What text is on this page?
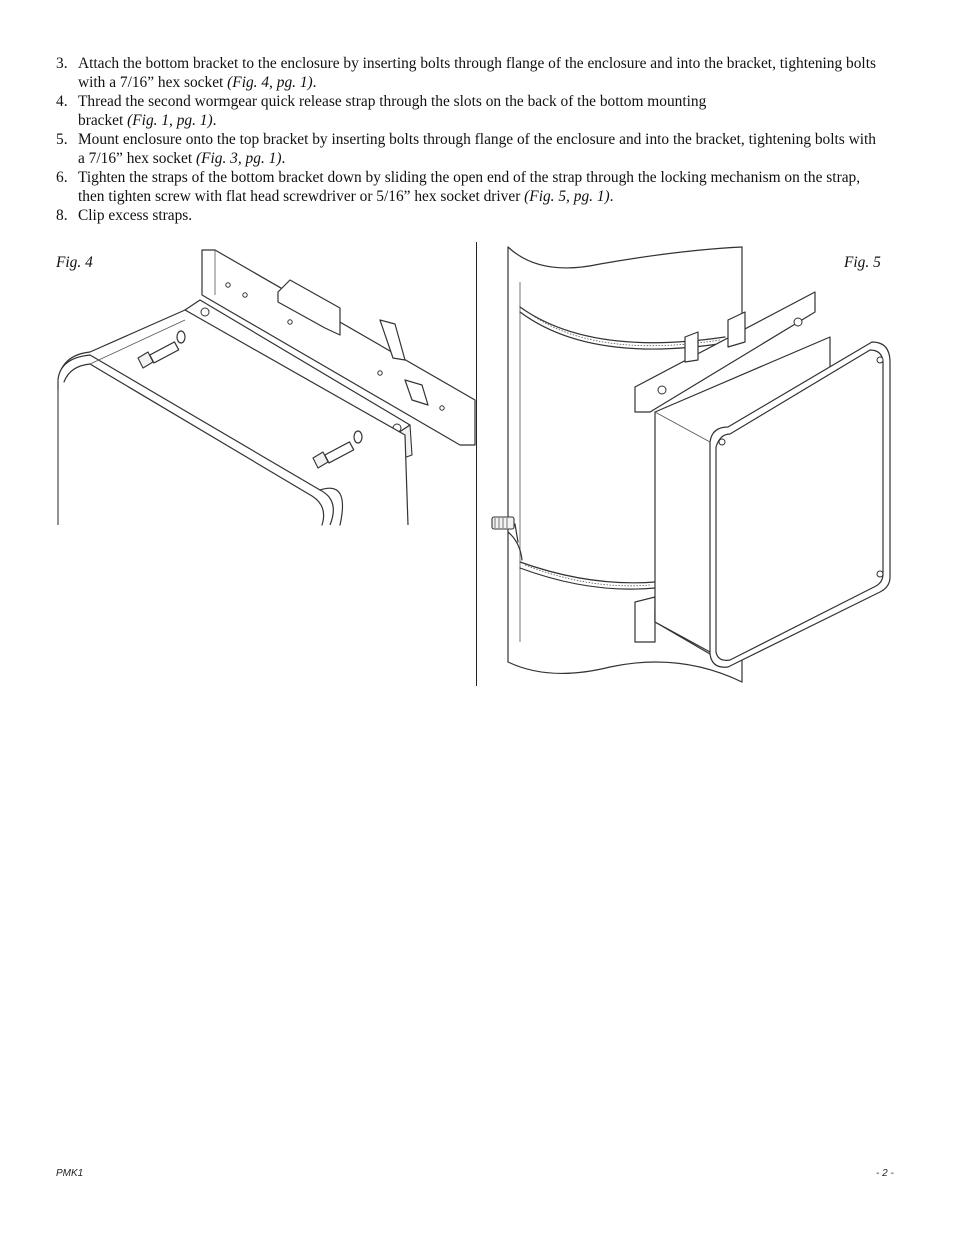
3. Attach the bottom bracket to the enclosure by inserting bolts through flange of the enclosure and into the bracket, tightening bolts with a 7/16” hex socket (Fig. 4, pg. 1).
4. Thread the second wormgear quick release strap through the slots on the back of the bottom mounting
bracket (Fig. 1, pg. 1).
5. Mount enclosure onto the top bracket by inserting bolts through flange of the enclosure and into the bracket, tightening bolts with a 7/16” hex socket (Fig. 3, pg. 1).
6. Tighten the straps of the bottom bracket down by sliding the open end of the strap through the locking mechanism on the strap, then tighten screw with flat head screwdriver or 5/16” hex socket driver (Fig. 5, pg. 1).
8. Clip excess straps.
Fig. 4	Fig. 5
PMK1	- 2 -
